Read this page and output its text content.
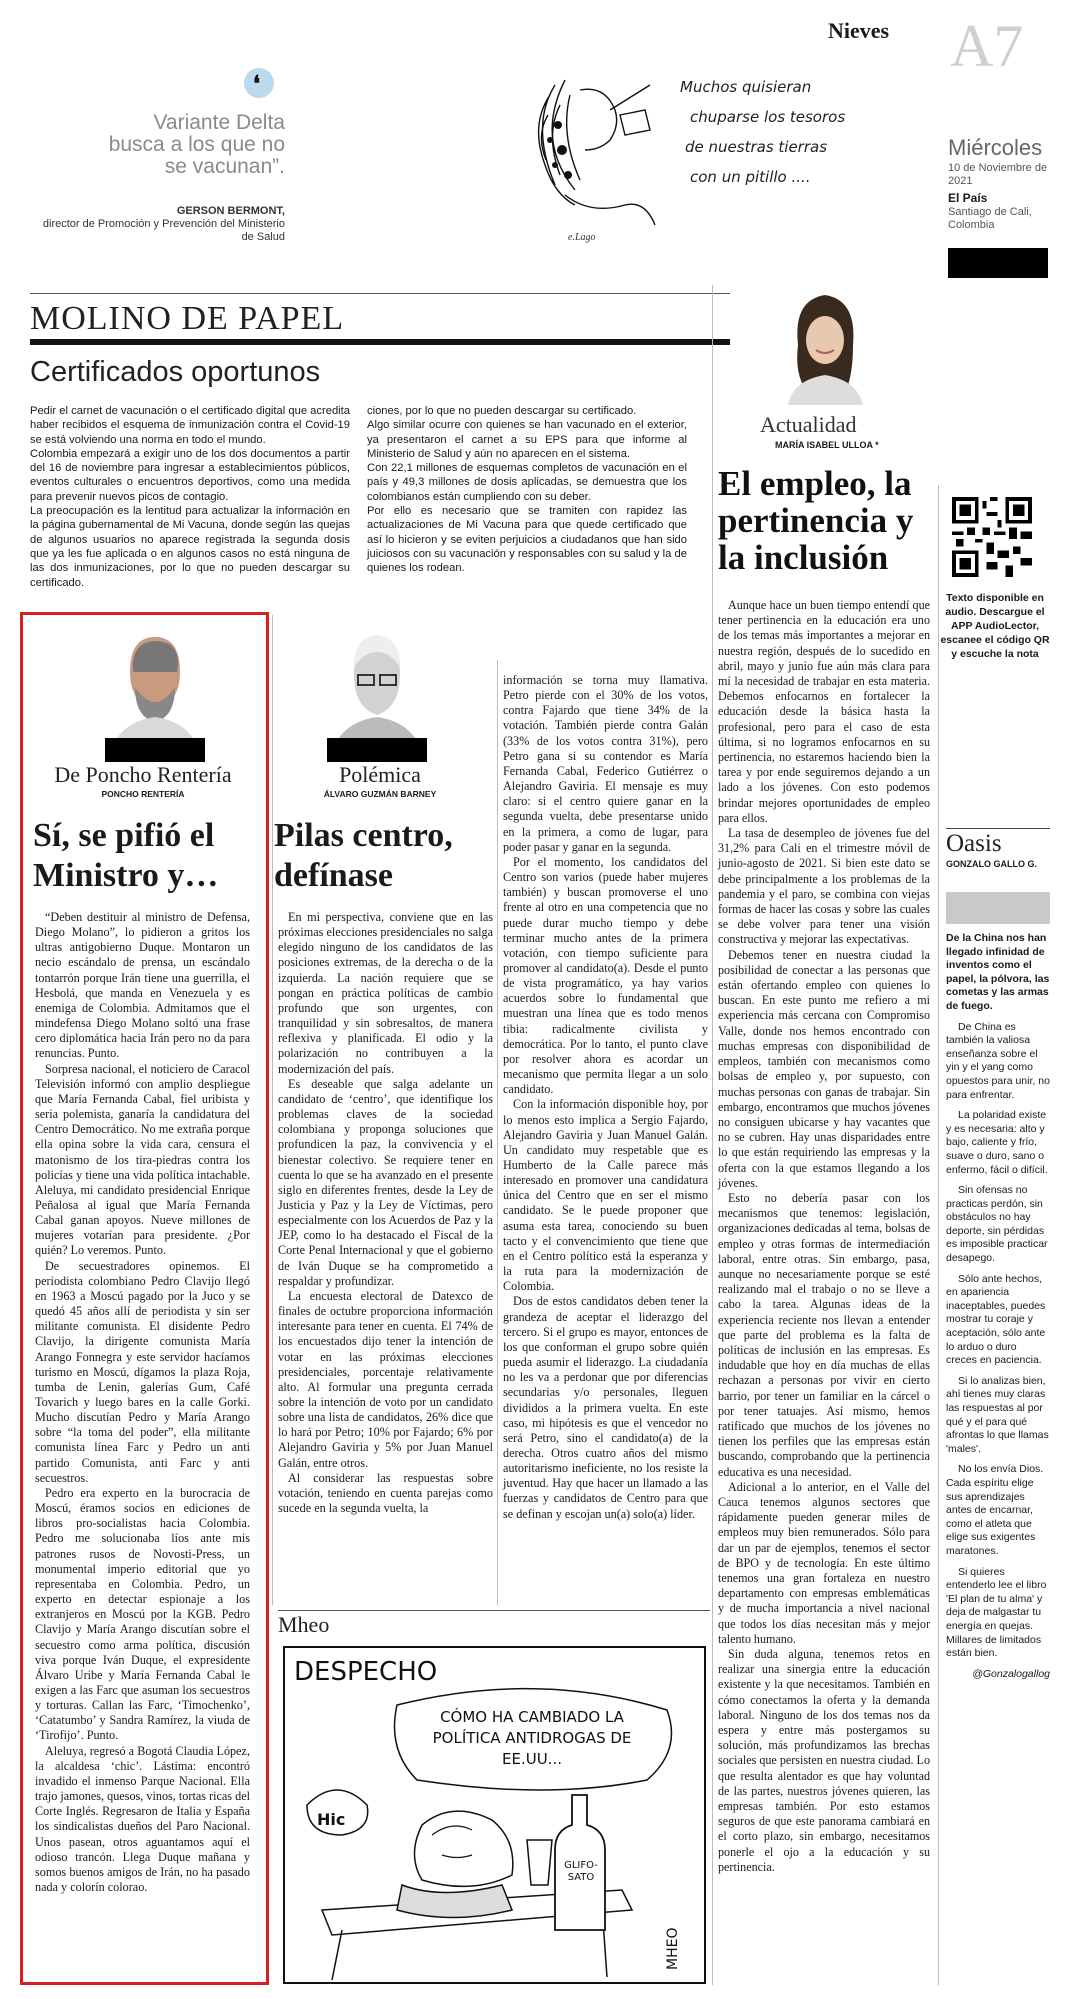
Nieves A7
❛
Variante Delta busca a los que no se vacunan”.
GERSON BERMONT,
director de Promoción y Prevención del Ministerio de Salud
Muchos quisieran
chuparse los tesoros
de nuestras tierras
con un pitillo ....
e.Lago
Miércoles
10 de Noviembre de 2021
El País
Santiago de Cali, Colombia
MOLINO DE PAPEL
Certificados oportunos

Pedir el carnet de vacunación o el certificado digital que acredita haber recibidos el esquema de inmunización contra el Covid-19 se está volviendo una norma en todo el mundo.

Colombia empezará a exigir uno de los dos documentos a partir del 16 de noviembre para ingresar a establecimientos públicos, eventos culturales o encuentros deportivos, como una medida para prevenir nuevos picos de contagio.

La preocupación es la lentitud para actualizar la información en la página gubernamental de Mi Vacuna, donde según las quejas de algunos usuarios no aparece registrada la segunda dosis que ya les fue aplicada o en algunos casos no está ninguna de las dos inmunizaciones, por lo que no pueden descargar su certificado.

ciones, por lo que no pueden descargar su certificado.

Algo similar ocurre con quienes se han vacunado en el exterior, ya presentaron el carnet a su EPS para que informe al Ministerio de Salud y aún no aparecen en el sistema.

Con 22,1 millones de esquemas completos de vacunación en el país y 49,3 millones de dosis aplicadas, se demuestra que los colombianos están cumpliendo con su deber.

Por ello es necesario que se tramiten con rapidez las actualizaciones de Mi Vacuna para que quede certificado que así lo hicieron y se eviten perjuicios a ciudadanos que han sido juiciosos con su vacunación y responsables con su salud y la de quienes los rodean.

Actualidad
MARÍA ISABEL ULLOA *
El empleo, la pertinencia y la inclusión

Aunque hace un buen tiempo entendí que tener pertinencia en la educación era uno de los temas más importantes a mejorar en nuestra región, después de lo sucedido en abril, mayo y junio fue aún más clara para mí la necesidad de trabajar en esta materia. Debemos enfocarnos en fortalecer la educación desde la básica hasta la profesional, pero para el caso de esta última, si no logramos enfocarnos en su pertinencia, no estaremos haciendo bien la tarea y por ende seguiremos dejando a un lado a los jóvenes. Con esto podemos brindar mejores oportunidades de empleo para ellos.

La tasa de desempleo de jóvenes fue del 31,2% para Cali en el trimestre móvil de junio-agosto de 2021. Si bien este dato se debe principalmente a los problemas de la pandemia y el paro, se combina con viejas formas de hacer las cosas y sobre las cuales se debe volver para tener una visión constructiva y mejorar las expectativas.

Debemos tener en nuestra ciudad la posibilidad de conectar a las personas que están ofertando empleo con quienes lo buscan. En este punto me refiero a mi experiencia más cercana con Compromiso Valle, donde nos hemos encontrado con muchas empresas con disponibilidad de empleos, también con mecanismos como bolsas de empleo y, por supuesto, con muchas personas con ganas de trabajar. Sin embargo, encontramos que muchos jóvenes no consiguen ubicarse y hay vacantes que no se cubren. Hay unas disparidades entre lo que están requiriendo las empresas y la oferta con la que estamos llegando a los jóvenes.

Esto no debería pasar con los mecanismos que tenemos: legislación, organizaciones dedicadas al tema, bolsas de empleo y otras formas de intermediación laboral, entre otras. Sin embargo, pasa, aunque no necesariamente porque se esté realizando mal el trabajo o no se lleve a cabo la tarea. Algunas ideas de la experiencia reciente nos llevan a entender que parte del problema es la falta de políticas de inclusión en las empresas. Es indudable que hoy en día muchas de ellas rechazan a personas por vivir en cierto barrio, por tener un familiar en la cárcel o por tener tatuajes. Así mismo, hemos ratificado que muchos de los jóvenes no tienen los perfiles que las empresas están buscando, comprobando que la pertinencia educativa es una necesidad.

Adicional a lo anterior, en el Valle del Cauca tenemos algunos sectores que rápidamente pueden generar miles de empleos muy bien remunerados. Sólo para dar un par de ejemplos, tenemos el sector de BPO y de tecnología. En este último tenemos una gran fortaleza en nuestro departamento con empresas emblemáticas y de mucha importancia a nivel nacional que todos los días necesitan más y mejor talento humano.

Sin duda alguna, tenemos retos en realizar una sinergia entre la educación existente y la que necesitamos. También en cómo conectamos la oferta y la demanda laboral. Ninguno de los dos temas nos da espera y entre más postergamos su solución, más profundizamos las brechas sociales que persisten en nuestra ciudad. Lo que resulta alentador es que hay voluntad de las partes, nuestros jóvenes quieren, las empresas también. Por esto estamos seguros de que este panorama cambiará en el corto plazo, sin embargo, necesitamos ponerle el ojo a la educación y su pertinencia.

Texto disponible en audio. Descargue el APP AudioLector, escanee el código QR y escuche la nota
Oasis
GONZALO GALLO G.

De la China nos han llegado infinidad de inventos como el papel, la pólvora, las cometas y las armas de fuego.

De China es también la valiosa enseñanza sobre el yin y el yang como opuestos para unir, no para enfrentar.

La polaridad existe y es necesaria: alto y bajo, caliente y frío, suave o duro, sano o enfermo, fácil o difícil.

Sin ofensas no practicas perdón, sin obstáculos no hay deporte, sin pérdidas es imposible practicar desapego.

Sólo ante hechos, en apariencia inaceptables, puedes mostrar tu coraje y aceptación, sólo ante lo arduo o duro creces en paciencia.

Si lo analizas bien, ahí tienes muy claras las respuestas al por qué y el para qué afrontas lo que llamas 'males'.

No los envía Dios. Cada espíritu elige sus aprendizajes antes de encarnar, como el atleta que elige sus exigentes maratones.

Si quieres entenderlo lee el libro 'El plan de tu alma' y deja de malgastar tu energía en quejas. Millares de limitados están bien.

@Gonzalogallog

De Poncho Rentería
PONCHO RENTERÍA
Sí, se pifió el Ministro y…

“Deben destituir al ministro de Defensa, Diego Molano”, lo pidieron a gritos los ultras antigobierno Duque. Montaron un necio escándalo de prensa, un escándalo tontarrón porque Irán tiene una guerrilla, el Hesbolá, que manda en Venezuela y es enemiga de Colombia. Admitamos que el mindefensa Diego Molano soltó una frase cero diplomática hacia Irán pero no da para renuncias. Punto.

Sorpresa nacional, el noticiero de Caracol Televisión informó con amplio despliegue que María Fernanda Cabal, fiel uribista y seria polemista, ganaría la candidatura del Centro Democrático. No me extraña porque ella opina sobre la vida cara, censura el matonismo de los tira-piedras contra los policías y tiene una vida política intachable. Aleluya, mi candidato presidencial Enrique Peñalosa al igual que María Fernanda Cabal ganan apoyos. Nueve millones de mujeres votarían para presidente. ¿Por quién? Lo veremos. Punto.

De secuestradores opinemos. El periodista colombiano Pedro Clavijo llegó en 1963 a Moscú pagado por la Juco y se quedó 45 años allí de periodista y sin ser militante comunista. El disidente Pedro Clavijo, la dirigente comunista María Arango Fonnegra y este servidor hacíamos turismo en Moscú, dígamos la plaza Roja, tumba de Lenin, galerías Gum, Café Tovarich y luego bares en la calle Gorki. Mucho discutían Pedro y María Arango sobre “la toma del poder”, ella militante comunista línea Farc y Pedro un anti partido Comunista, anti Farc y anti secuestros.

Pedro era experto en la burocracia de Moscú, éramos socios en ediciones de libros pro-socialistas hacia Colombia. Pedro me solucionaba líos ante mis patrones rusos de Novosti-Press, un monumental imperio editorial que yo representaba en Colombia. Pedro, un experto en detectar espionaje a los extranjeros en Moscú por la KGB. Pedro Clavijo y María Arango discutían sobre el secuestro como arma política, discusión viva porque Iván Duque, el expresidente Álvaro Uribe y María Fernanda Cabal le exigen a las Farc que asuman los secuestros y torturas. Callan las Farc, ‘Timochenko’, ‘Catatumbo’ y Sandra Ramírez, la viuda de ‘Tirofijo’. Punto.

Aleluya, regresó a Bogotá Claudia López, la alcaldesa ‘chic’. Lástima: encontró invadido el inmenso Parque Nacional. Ella trajo jamones, quesos, vinos, tortas ricas del Corte Inglés. Regresaron de Italia y España los sindicalistas dueños del Paro Nacional. Unos pasean, otros aguantamos aquí el odioso trancón. Llega Duque mañana y somos buenos amigos de Irán, no ha pasado nada y colorín colorao.

Polémica
ÁLVARO GUZMÁN BARNEY
Pilas centro, defínase

En mi perspectiva, conviene que en las próximas elecciones presidenciales no salga elegido ninguno de los candidatos de las posiciones extremas, de la derecha o de la izquierda. La nación requiere que se pongan en práctica políticas de cambio profundo que son urgentes, con tranquilidad y sin sobresaltos, de manera reflexiva y planificada. El odio y la polarización no contribuyen a la modernización del país.

Es deseable que salga adelante un candidato de ‘centro’, que identifique los problemas claves de la sociedad colombiana y proponga soluciones que profundicen la paz, la convivencia y el bienestar colectivo. Se requiere tener en cuenta lo que se ha avanzado en el presente siglo en diferentes frentes, desde la Ley de Justicia y Paz y la Ley de Víctimas, pero especialmente con los Acuerdos de Paz y la JEP, como lo ha destacado el Fiscal de la Corte Penal Internacional y que el gobierno de Iván Duque se ha comprometido a respaldar y profundizar.

La encuesta electoral de Datexco de finales de octubre proporciona información interesante para tener en cuenta. El 74% de los encuestados dijo tener la intención de votar en las próximas elecciones presidenciales, porcentaje relativamente alto. Al formular una pregunta cerrada sobre la intención de voto por un candidato sobre una lista de candidatos, 26% dice que lo hará por Petro; 10% por Fajardo; 6% por Alejandro Gaviria y 5% por Juan Manuel Galán, entre otros.

Al considerar las respuestas sobre votación, teniendo en cuenta parejas como sucede en la segunda vuelta, la

información se torna muy llamativa. Petro pierde con el 30% de los votos, contra Fajardo que tiene 34% de la votación. También pierde contra Galán (33% de los votos contra 31%), pero Petro gana si su contendor es María Fernanda Cabal, Federico Gutiérrez o Alejandro Gaviria. El mensaje es muy claro: si el centro quiere ganar en la segunda vuelta, debe presentarse unido en la primera, a como de lugar, para poder pasar y ganar en la segunda.

Por el momento, los candidatos del Centro son varios (puede haber mujeres también) y buscan promoverse el uno frente al otro en una competencia que no puede durar mucho tiempo y debe terminar mucho antes de la primera votación, con tiempo suficiente para promover al candidato(a). Desde el punto de vista programático, ya hay varios acuerdos sobre lo fundamental que muestran una línea que es todo menos tibia: radicalmente civilista y democrática. Por lo tanto, el punto clave por resolver ahora es acordar un mecanismo que permita llegar a un solo candidato.

Con la información disponible hoy, por lo menos esto implica a Sergio Fajardo, Alejandro Gaviria y Juan Manuel Galán. Un candidato muy respetable que es Humberto de la Calle parece más interesado en promover una candidatura única del Centro que en ser el mismo candidato. Se le puede proponer que asuma esta tarea, conociendo su buen tacto y el convencimiento que tiene que en el Centro político está la esperanza y la ruta para la modernización de Colombia.

Dos de estos candidatos deben tener la grandeza de aceptar el liderazgo del tercero. Si el grupo es mayor, entonces de los que conforman el grupo sobre quién pueda asumir el liderazgo. La ciudadanía no les va a perdonar que por diferencias secundarias y/o personales, lleguen divididos a la primera vuelta. En este caso, mi hipótesis es que el vencedor no será Petro, sino el candidato(a) de la derecha. Otros cuatro años del mismo autoritarismo ineficiente, no los resiste la juventud. Hay que hacer un llamado a las fuerzas y candidatos de Centro para que se definan y escojan un(a) solo(a) líder.

Mheo
DESPECHO
CÓMO HA CAMBIADO LA POLÍTICA ANTIDROGAS DE EE.UU...
Hic
GLIFO-SATO
MHEO
